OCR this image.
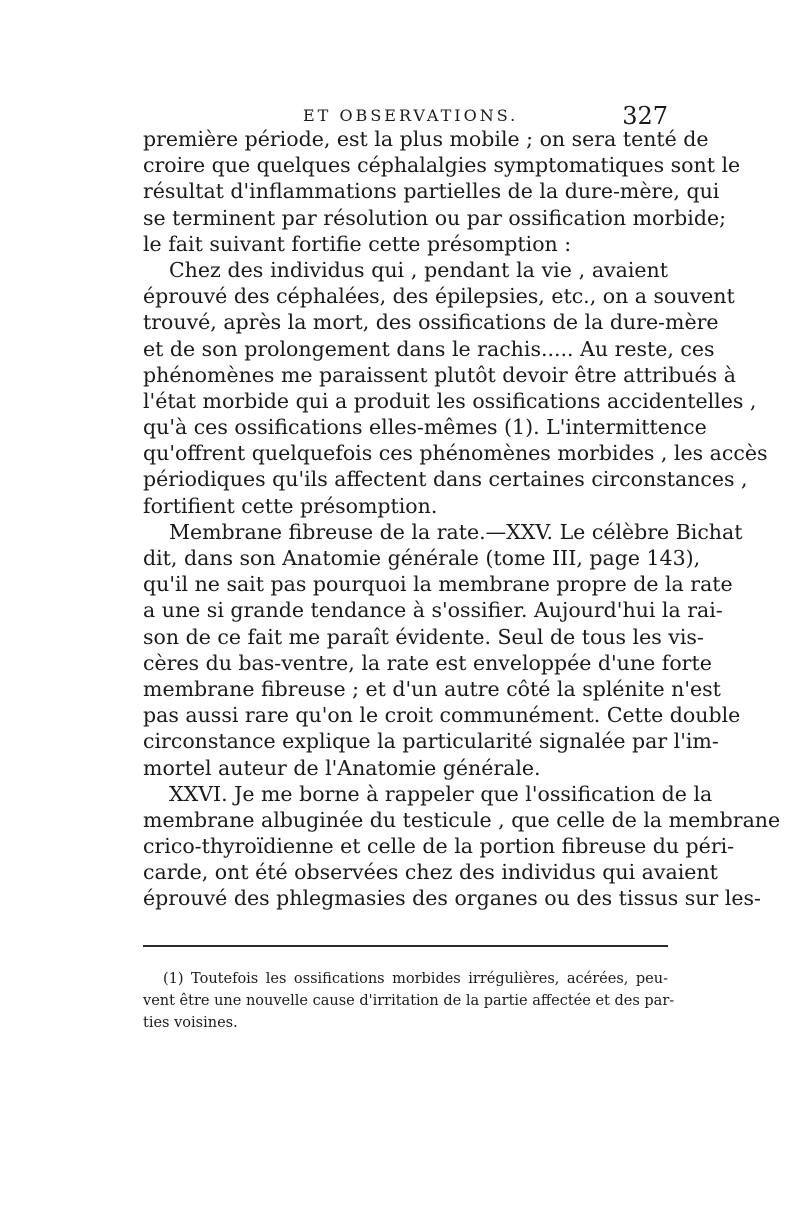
ET OBSERVATIONS.	327
première période, est la plus mobile ; on sera tenté de
croire que quelques céphalalgies symptomatiques sont le
résultat d'inflammations partielles de la dure-mère, qui
se terminent par résolution ou par ossification morbide;
le fait suivant fortifie cette présomption :
Chez des individus qui , pendant la vie , avaient
éprouvé des céphalées, des épilepsies, etc., on a souvent
trouvé, après la mort, des ossifications de la dure-mère
et de son prolongement dans le rachis..... Au reste, ces
phénomènes me paraissent plutôt devoir être attribués à
l'état morbide qui a produit les ossifications accidentelles ,
qu'à ces ossifications elles-mêmes (1). L'intermittence
qu'offrent quelquefois ces phénomènes morbides , les accès
périodiques qu'ils affectent dans certaines circonstances ,
fortifient cette présomption.
Membrane fibreuse de la rate.—XXV. Le célèbre Bichat
dit, dans son Anatomie générale (tome III, page 143),
qu'il ne sait pas pourquoi la membrane propre de la rate
a une si grande tendance à s'ossifier. Aujourd'hui la rai-
son de ce fait me paraît évidente. Seul de tous les vis-
cères du bas-ventre, la rate est enveloppée d'une forte
membrane fibreuse ; et d'un autre côté la splénite n'est
pas aussi rare qu'on le croit communément. Cette double
circonstance explique la particularité signalée par l'im-
mortel auteur de l'Anatomie générale.
XXVI. Je me borne à rappeler que l'ossification de la
membrane albuginée du testicule , que celle de la membrane
crico-thyroïdienne et celle de la portion fibreuse du péri-
carde, ont été observées chez des individus qui avaient
éprouvé des phlegmasies des organes ou des tissus sur les-
(1) Toutefois les ossifications morbides irrégulières, acérées, peu-
vent être une nouvelle cause d'irritation de la partie affectée et des par-
ties voisines.
